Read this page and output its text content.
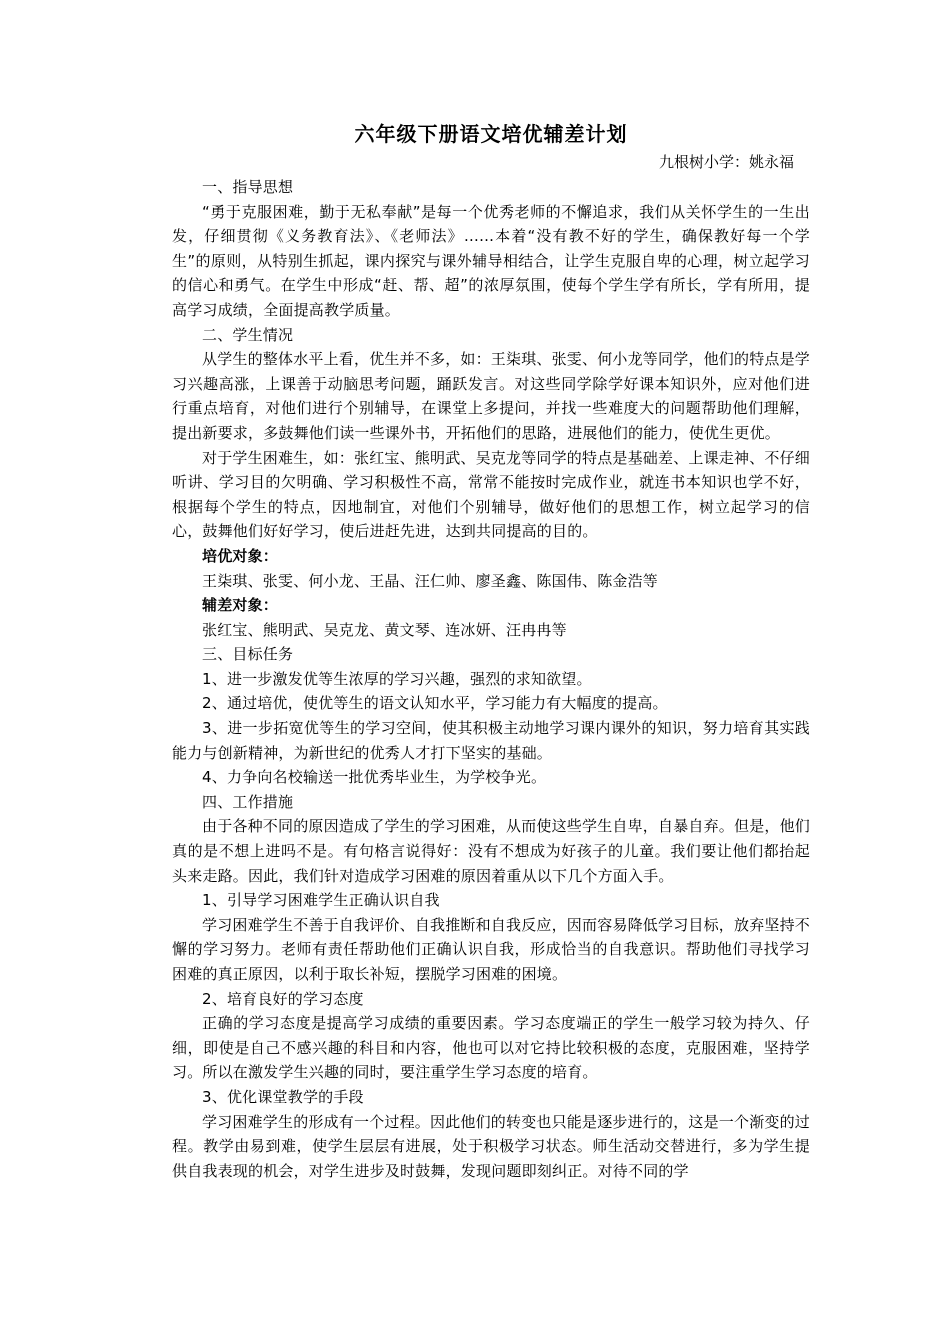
六年级下册语文培优辅差计划
九根树小学：姚永福

一、指导思想

“勇于克服困难，勤于无私奉献”是每一个优秀老师的不懈追求，我们从关怀学生的一生出发，仔细贯彻《义务教育法》、《老师法》……本着“没有教不好的学生，确保教好每一个学生”的原则，从特别生抓起，课内探究与课外辅导相结合，让学生克服自卑的心理，树立起学习的信心和勇气。在学生中形成“赶、帮、超”的浓厚氛围，使每个学生学有所长，学有所用，提高学习成绩，全面提高教学质量。

二、学生情况

从学生的整体水平上看，优生并不多，如：王柒琪、张雯、何小龙等同学，他们的特点是学习兴趣高涨，上课善于动脑思考问题，踊跃发言。对这些同学除学好课本知识外，应对他们进行重点培育，对他们进行个别辅导，在课堂上多提问，并找一些难度大的问题帮助他们理解，提出新要求，多鼓舞他们读一些课外书，开拓他们的思路，进展他们的能力，使优生更优。

对于学生困难生，如：张红宝、熊明武、吴克龙等同学的特点是基础差、上课走神、不仔细听讲、学习目的欠明确、学习积极性不高，常常不能按时完成作业，就连书本知识也学不好，根据每个学生的特点，因地制宜，对他们个别辅导，做好他们的思想工作，树立起学习的信心，鼓舞他们好好学习，使后进赶先进，达到共同提高的目的。

培优对象：

王柒琪、张雯、何小龙、王晶、汪仁帅、廖圣鑫、陈国伟、陈金浩等

辅差对象：

张红宝、熊明武、吴克龙、黄文琴、连冰妍、汪冉冉等

三、目标任务

1、进一步激发优等生浓厚的学习兴趣，强烈的求知欲望。

2、通过培优，使优等生的语文认知水平，学习能力有大幅度的提高。

3、进一步拓宽优等生的学习空间，使其积极主动地学习课内课外的知识，努力培育其实践能力与创新精神，为新世纪的优秀人才打下坚实的基础。

4、力争向名校输送一批优秀毕业生，为学校争光。

四、工作措施

由于各种不同的原因造成了学生的学习困难，从而使这些学生自卑，自暴自弃。但是，他们真的是不想上进吗不是。有句格言说得好：没有不想成为好孩子的儿童。我们要让他们都抬起头来走路。因此，我们针对造成学习困难的原因着重从以下几个方面入手。

1、引导学习困难学生正确认识自我

学习困难学生不善于自我评价、自我推断和自我反应，因而容易降低学习目标，放弃坚持不懈的学习努力。老师有责任帮助他们正确认识自我，形成恰当的自我意识。帮助他们寻找学习困难的真正原因，以利于取长补短，摆脱学习困难的困境。

2、培育良好的学习态度

正确的学习态度是提高学习成绩的重要因素。学习态度端正的学生一般学习较为持久、仔细，即使是自己不感兴趣的科目和内容，他也可以对它持比较积极的态度，克服困难，坚持学习。所以在激发学生兴趣的同时，要注重学生学习态度的培育。

3、优化课堂教学的手段

学习困难学生的形成有一个过程。因此他们的转变也只能是逐步进行的，这是一个渐变的过程。教学由易到难，使学生层层有进展，处于积极学习状态。师生活动交替进行，多为学生提供自我表现的机会，对学生进步及时鼓舞，发现问题即刻纠正。对待不同的学
